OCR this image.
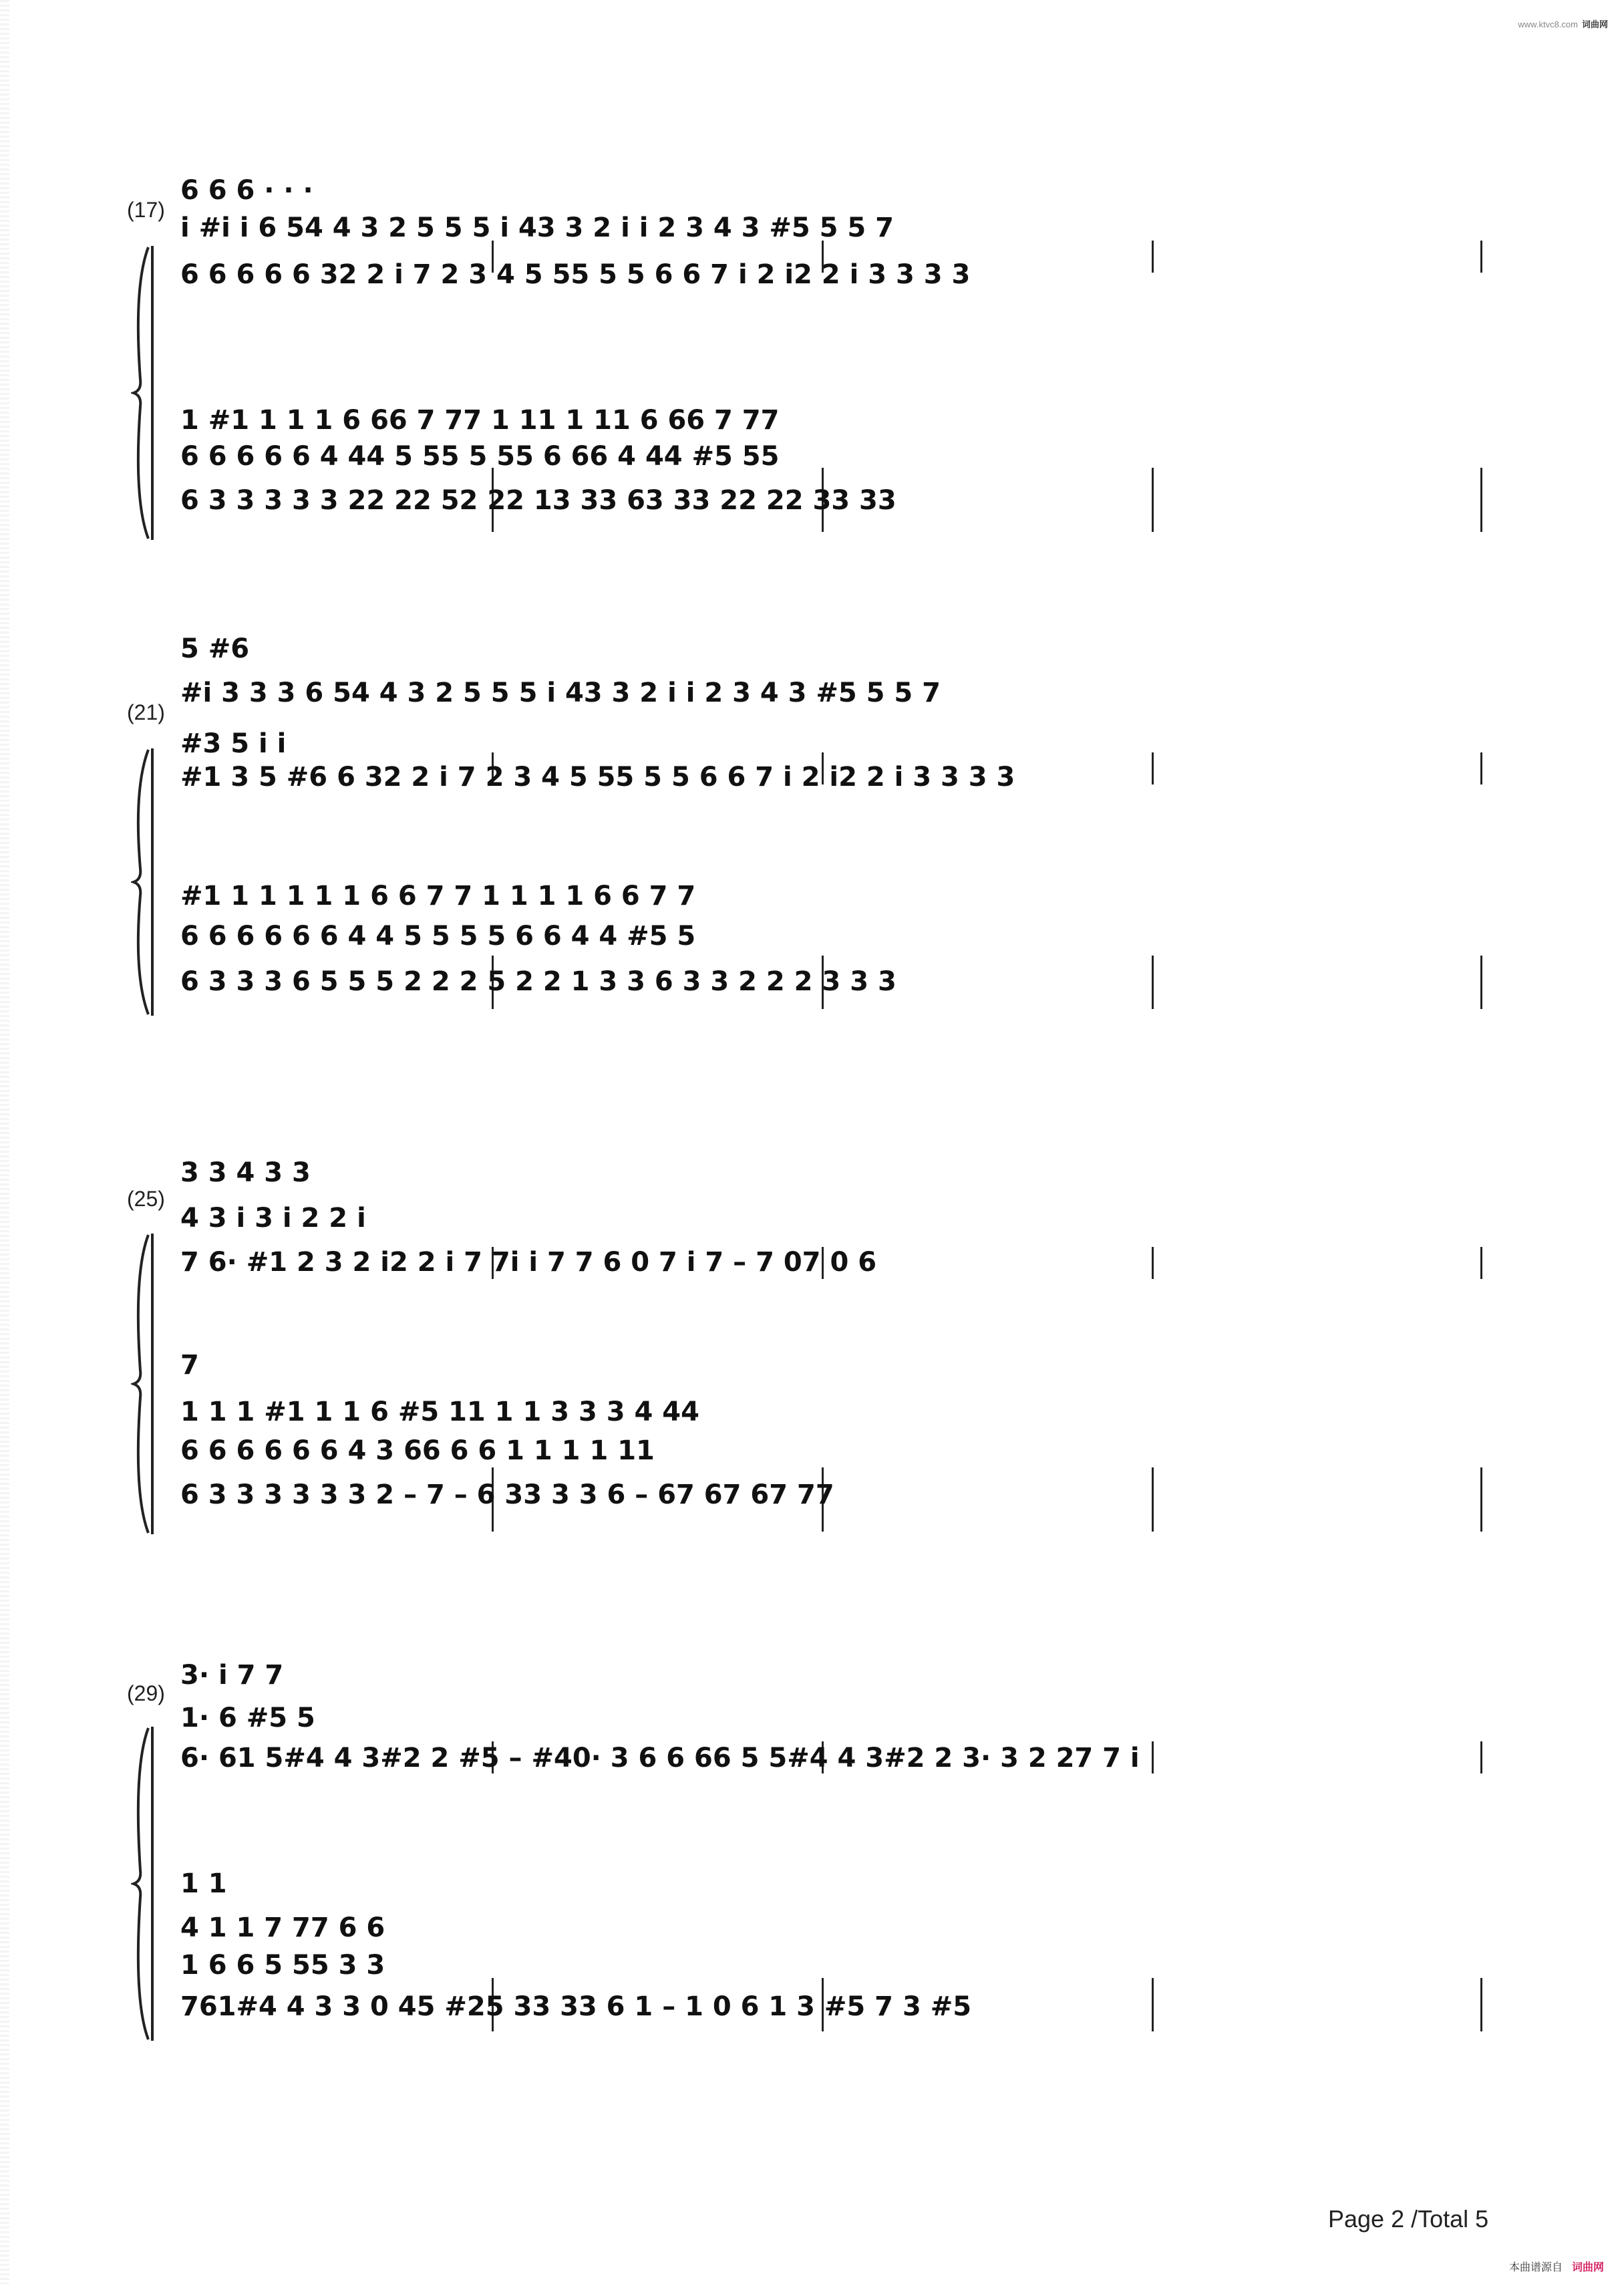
www.ktvc8.com 词曲网
(17)
6 6 6 · · ·
i #i i 6 54 4 3 2 5 5 5 i 43 3 2 i i 2 3 4 3 #5 5 5 7
6 6 6 6 6 32 2 i 7 2 3 4 5 55 5 5 6 6 7 i 2 i2 2 i 3 3 3 3
1 #1 1 1 1 6 66 7 77 1 11 1 11 6 66 7 77
6 6 6 6 6 4 44 5 55 5 55 6 66 4 44 #5 55
6 3 3 3 3 3 22 22 52 22 13 33 63 33 22 22 33 33
(21)
5 #6
#i 3 3 3 6 54 4 3 2 5 5 5 i 43 3 2 i i 2 3 4 3 #5 5 5 7
#3 5 i i
#1 3 5 #6 6 32 2 i 7 2 3 4 5 55 5 5 6 6 7 i 2 i2 2 i 3 3 3 3
#1 1 1 1 1 1 6 6 7 7 1 1 1 1 6 6 7 7
6 6 6 6 6 6 4 4 5 5 5 5 6 6 4 4 #5 5
6 3 3 3 6 5 5 5 2 2 2 5 2 2 1 3 3 6 3 3 2 2 2 3 3 3
(25)
3 3 4 3 3
4 3 i 3 i 2 2 i
7 6· #1 2 3 2 i2 2 i 7 7i i 7 7 6 0 7 i 7 – 7 07 0 6
7
1 1 1 #1 1 1 6 #5 11 1 1 3 3 3 4 44
6 6 6 6 6 6 4 3 66 6 6 1 1 1 1 11
6 3 3 3 3 3 3 2 – 7 – 6 33 3 3 6 – 67 67 67 77
(29)
3· i 7 7
1· 6 #5 5
6· 61 5#4 4 3#2 2 #5 – #40· 3 6 6 66 5 5#4 4 3#2 2 3· 3 2 27 7 i
1 1
4 1 1 7 77 6 6
1 6 6 5 55 3 3
761#4 4 3 3 0 45 #25 33 33 6 1 – 1 0 6 1 3 #5 7 3 #5
Page 2 /Total 5
本曲谱源自 词曲网
